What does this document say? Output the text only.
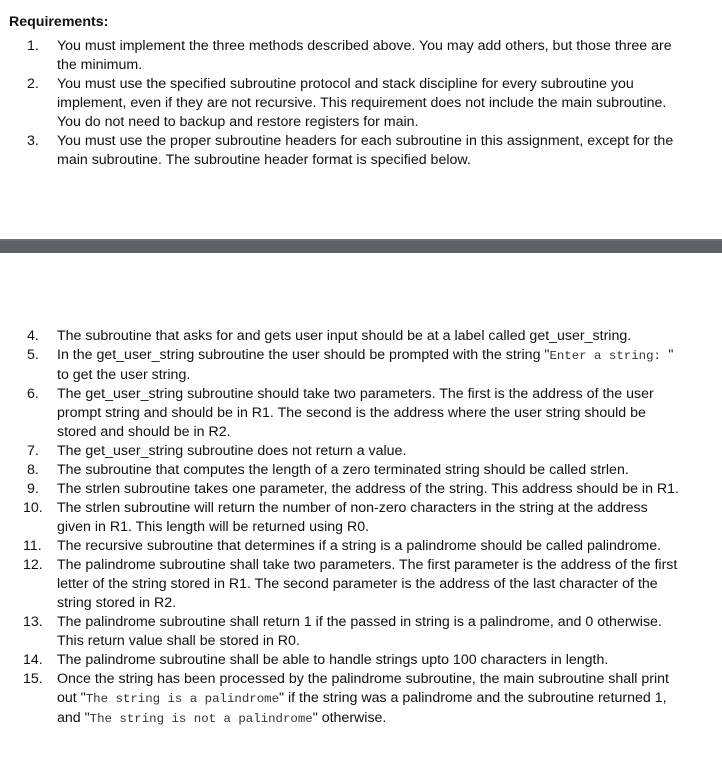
Requirements:
1.	You must implement the three methods described above. You may add others, but those three are the minimum.
2.	You must use the specified subroutine protocol and stack discipline for every subroutine you implement, even if they are not recursive. This requirement does not include the main subroutine. You do not need to backup and restore registers for main.
3.	You must use the proper subroutine headers for each subroutine in this assignment, except for the main subroutine. The subroutine header format is specified below.
4.	The subroutine that asks for and gets user input should be at a label called get_user_string.
5.	In the get_user_string subroutine the user should be prompted with the string "Enter a string: " to get the user string.
6.	The get_user_string subroutine should take two parameters. The first is the address of the user prompt string and should be in R1. The second is the address where the user string should be stored and should be in R2.
7.	The get_user_string subroutine does not return a value.
8.	The subroutine that computes the length of a zero terminated string should be called strlen.
9.	The strlen subroutine takes one parameter, the address of the string. This address should be in R1.
10.	The strlen subroutine will return the number of non-zero characters in the string at the address given in R1. This length will be returned using R0.
11.	The recursive subroutine that determines if a string is a palindrome should be called palindrome.
12.	The palindrome subroutine shall take two parameters. The first parameter is the address of the first letter of the string stored in R1. The second parameter is the address of the last character of the string stored in R2.
13.	The palindrome subroutine shall return 1 if the passed in string is a palindrome, and 0 otherwise. This return value shall be stored in R0.
14.	The palindrome subroutine shall be able to handle strings upto 100 characters in length.
15.	Once the string has been processed by the palindrome subroutine, the main subroutine shall print out "The string is a palindrome" if the string was a palindrome and the subroutine returned 1, and "The string is not a palindrome" otherwise.
